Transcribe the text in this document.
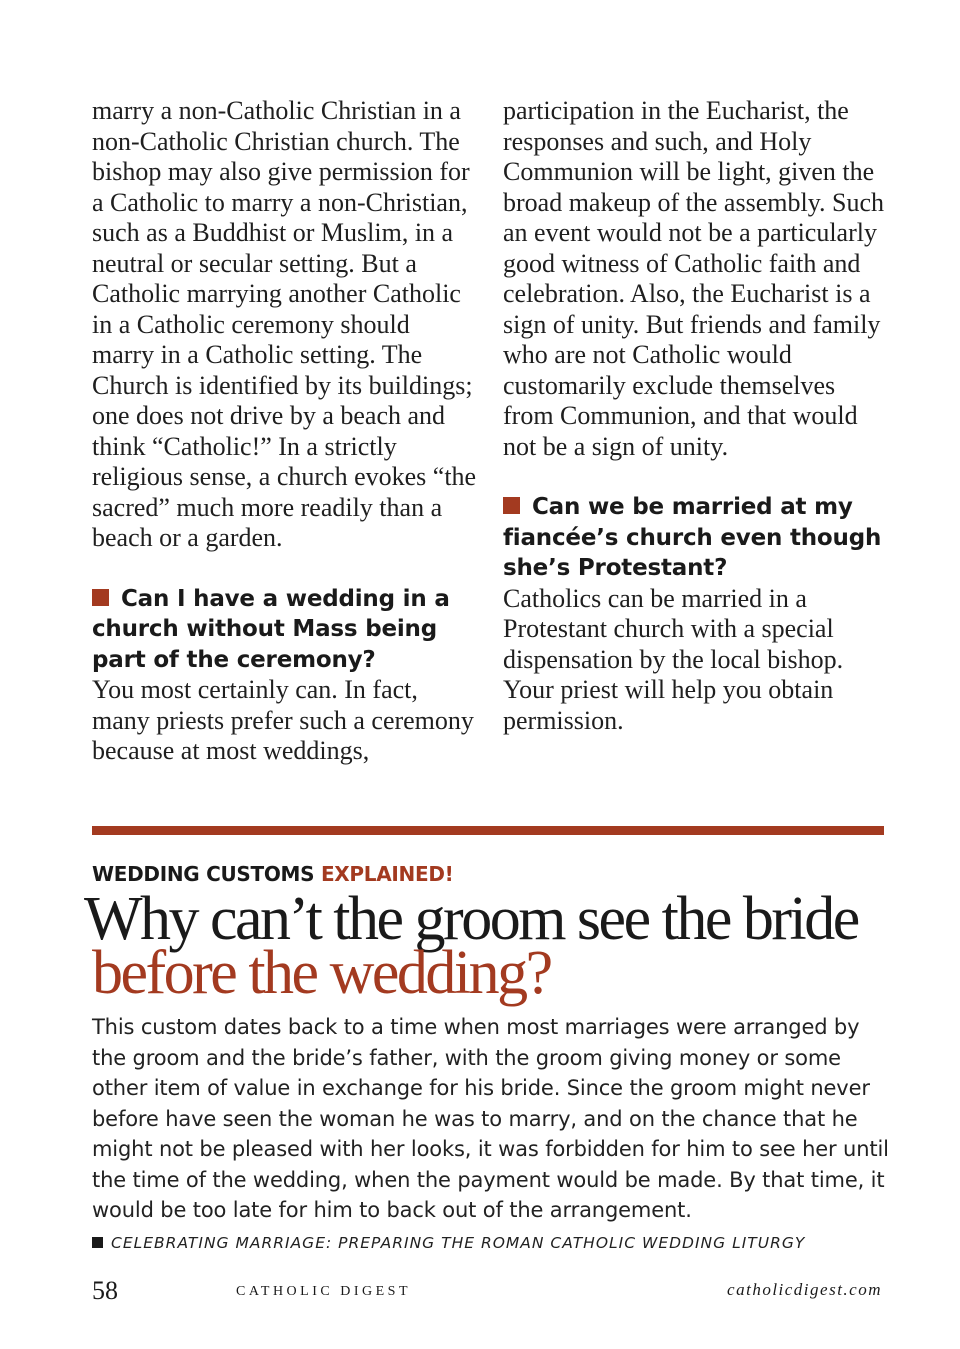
marry a non-Catholic Christian in a non-Catholic Christian church. The bishop may also give permission for a Catholic to marry a non-Christian, such as a Buddhist or Muslim, in a neutral or secular setting. But a Catholic marrying another Catholic in a Catholic ceremony should marry in a Catholic setting. The Church is identified by its buildings; one does not drive by a beach and think “Catholic!” In a strictly religious sense, a church evokes “the sacred” much more readily than a beach or a garden.

Can I have a wedding in a church without Mass being part of the ceremony?

You most certainly can. In fact, many priests prefer such a ceremony because at most weddings,

participation in the Eucharist, the responses and such, and Holy Communion will be light, given the broad makeup of the assembly. Such an event would not be a particularly good witness of Catholic faith and celebration. Also, the Eucharist is a sign of unity. But friends and family who are not Catholic would customarily exclude themselves from Communion, and that would not be a sign of unity.

Can we be married at my fiancée’s church even though she’s Protestant?

Catholics can be married in a Protestant church with a special dispensation by the local bishop. Your priest will help you obtain permission.

WEDDING CUSTOMS EXPLAINED!
Why can’t the groom see the bride
before the wedding?
This custom dates back to a time when most marriages were arranged by the groom and the bride’s father, with the groom giving money or some other item of value in exchange for his bride. Since the groom might never before have seen the woman he was to marry, and on the chance that he might not be pleased with her looks, it was forbidden for him to see her until the time of the wedding, when the payment would be made. By that time, it would be too late for him to back out of the arrangement.
CELEBRATING MARRIAGE: PREPARING THE ROMAN CATHOLIC WEDDING LITURGY
58	CATHOLIC DIGEST	catholicdigest.com
